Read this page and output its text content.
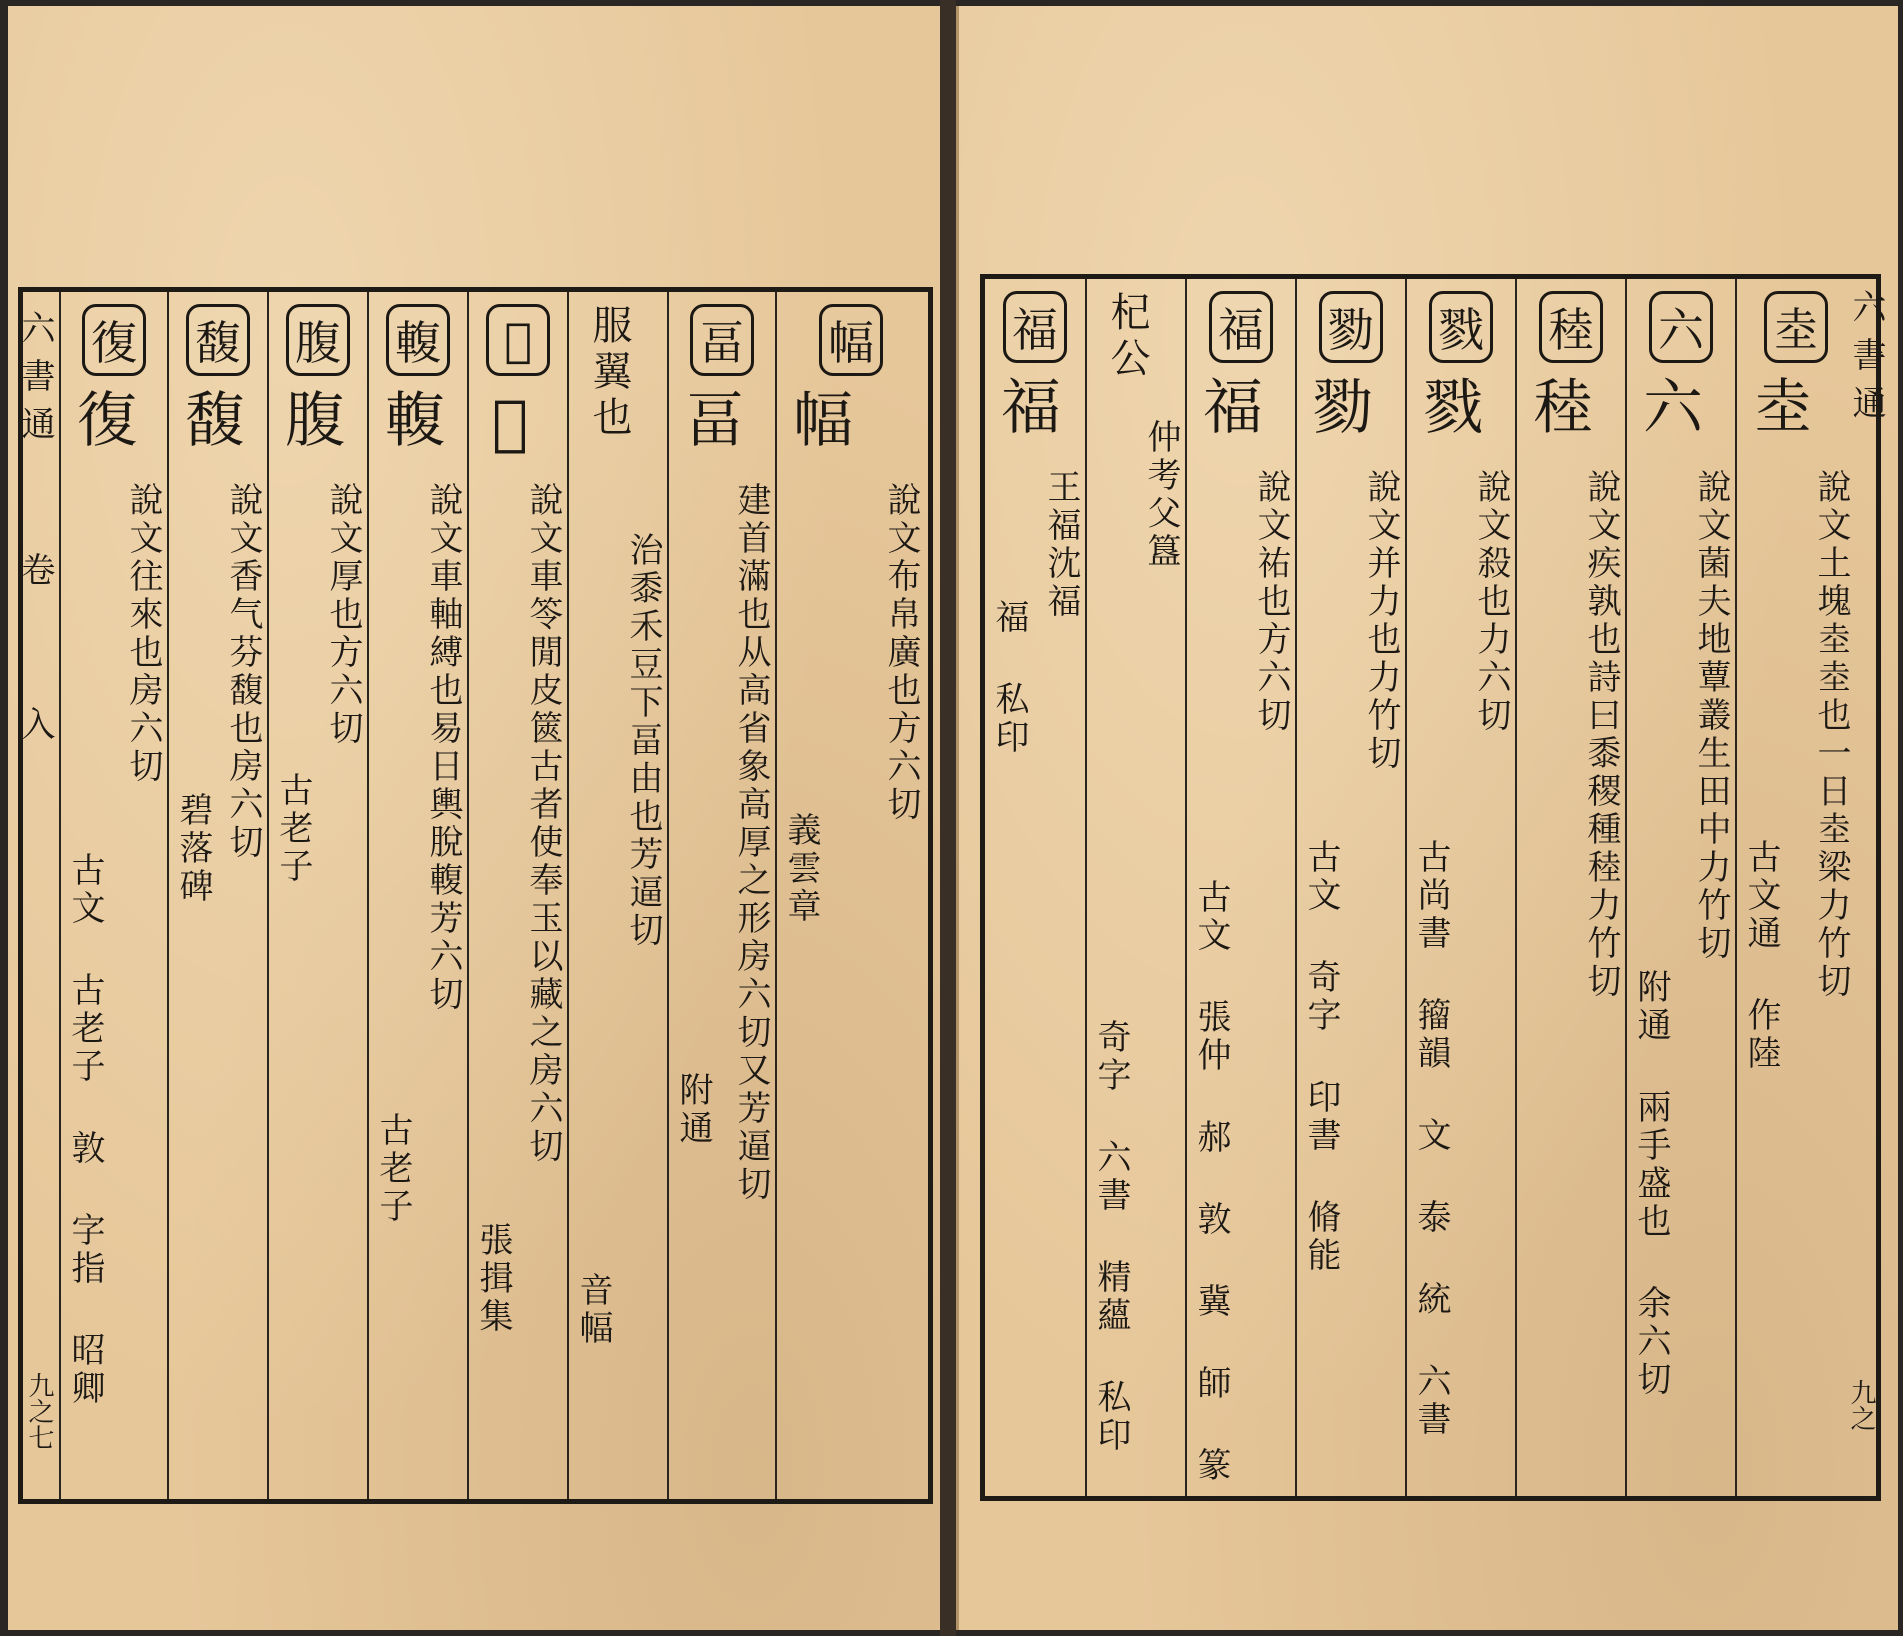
六書通
卷 入
九之七
復
復
說文往來也房六切
古文 古老子 敦 字指 昭卿
馥
馥
說文香气芬馥也房六切
碧落碑
腹
腹
說文厚也方六切
古老子
輹
輹
說文車軸縛也易日輿脫輹芳六切
古老子
𨍙
𨍙
說文車笭閒皮篋古者使奉玉以藏之房六切
張揖集
服翼也
治黍禾豆下畐由也芳逼切
音幅
畐
畐
建首滿也从高省象高厚之形房六切又芳逼切
附通
幅
幅
說文布帛廣也方六切
義雲章
六書通
九之
福
福
王福沈福
福 私印
杞公
仲考父簋
奇字 六書 精蘊 私印
福
福
說文祐也方六切
古文 張仲 郝 敦 冀 師 篆
勠
勠
說文并力也力竹切
古文 奇字 印書 脩能
戮
戮
說文殺也力六切
古尚書 籀韻 文 泰 統 六書
稑
稑
說文疾孰也詩曰黍稷種稑力竹切
六
六
說文菌夫地蕈叢生田中力竹切
附通 兩手盛也 余六切
坴
坴
說文土塊坴坴也一日坴梁力竹切
古文通 作陸
